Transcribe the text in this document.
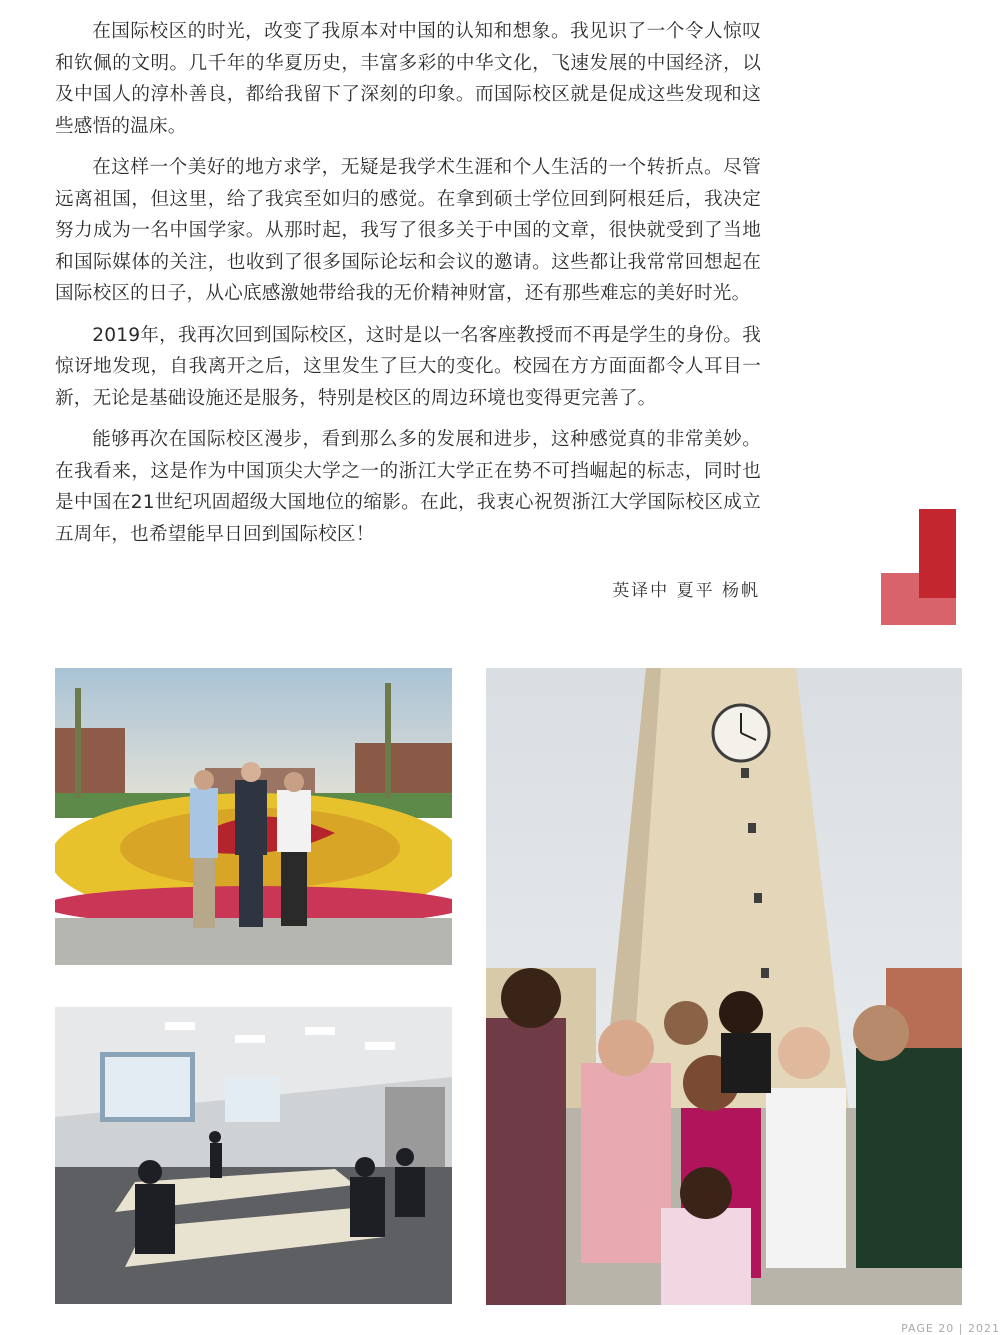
在国际校区的时光，改变了我原本对中国的认知和想象。我见识了一个令人惊叹和钦佩的文明。几千年的华夏历史，丰富多彩的中华文化，飞速发展的中国经济，以及中国人的淳朴善良，都给我留下了深刻的印象。而国际校区就是促成这些发现和这些感悟的温床。

在这样一个美好的地方求学，无疑是我学术生涯和个人生活的一个转折点。尽管远离祖国，但这里，给了我宾至如归的感觉。在拿到硕士学位回到阿根廷后，我决定努力成为一名中国学家。从那时起，我写了很多关于中国的文章，很快就受到了当地和国际媒体的关注，也收到了很多国际论坛和会议的邀请。这些都让我常常回想起在国际校区的日子，从心底感激她带给我的无价精神财富，还有那些难忘的美好时光。

2019年，我再次回到国际校区，这时是以一名客座教授而不再是学生的身份。我惊讶地发现，自我离开之后，这里发生了巨大的变化。校园在方方面面都令人耳目一新，无论是基础设施还是服务，特别是校区的周边环境也变得更完善了。

能够再次在国际校区漫步，看到那么多的发展和进步，这种感觉真的非常美妙。在我看来，这是作为中国顶尖大学之一的浙江大学正在势不可挡崛起的标志，同时也是中国在21世纪巩固超级大国地位的缩影。在此，我衷心祝贺浙江大学国际校区成立五周年，也希望能早日回到国际校区！

英译中 夏平 杨帆
PAGE 20 | 2021
